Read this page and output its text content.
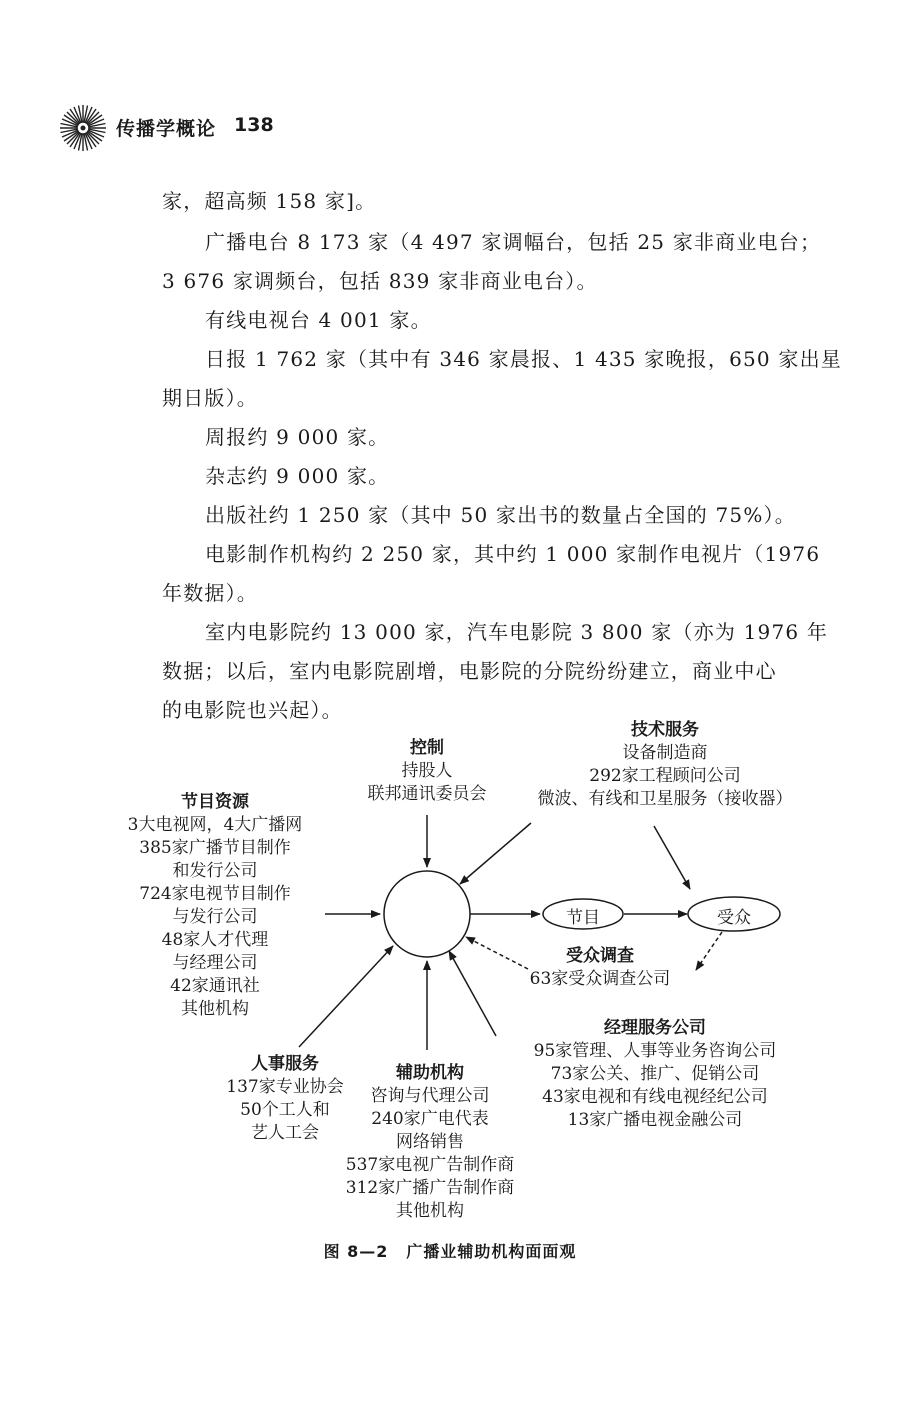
传播学概论 138
家，超高频 158 家]。
广播电台 8 173 家（4 497 家调幅台，包括 25 家非商业电台；
3 676 家调频台，包括 839 家非商业电台）。
有线电视台 4 001 家。
日报 1 762 家（其中有 346 家晨报、1 435 家晚报，650 家出星
期日版）。
周报约 9 000 家。
杂志约 9 000 家。
出版社约 1 250 家（其中 50 家出书的数量占全国的 75%）。
电影制作机构约 2 250 家，其中约 1 000 家制作电视片（1976
年数据）。
室内电影院约 13 000 家，汽车电影院 3 800 家（亦为 1976 年
数据；以后，室内电影院剧增，电影院的分院纷纷建立，商业中心
的电影院也兴起）。
节目	受众
控制
持股人
联邦通讯委员会
技术服务
设备制造商
292家工程顾问公司
微波、有线和卫星服务（接收器）
节目资源
3大电视网，4大广播网
385家广播节目制作
和发行公司
724家电视节目制作
与发行公司
48家人才代理
与经理公司
42家通讯社
其他机构
受众调查
63家受众调查公司
经理服务公司
95家管理、人事等业务咨询公司
73家公关、推广、促销公司
43家电视和有线电视经纪公司
13家广播电视金融公司
人事服务
137家专业协会
50个工人和
艺人工会
辅助机构
咨询与代理公司
240家广电代表
网络销售
537家电视广告制作商
312家广播广告制作商
其他机构
图 8—2 广播业辅助机构面面观
